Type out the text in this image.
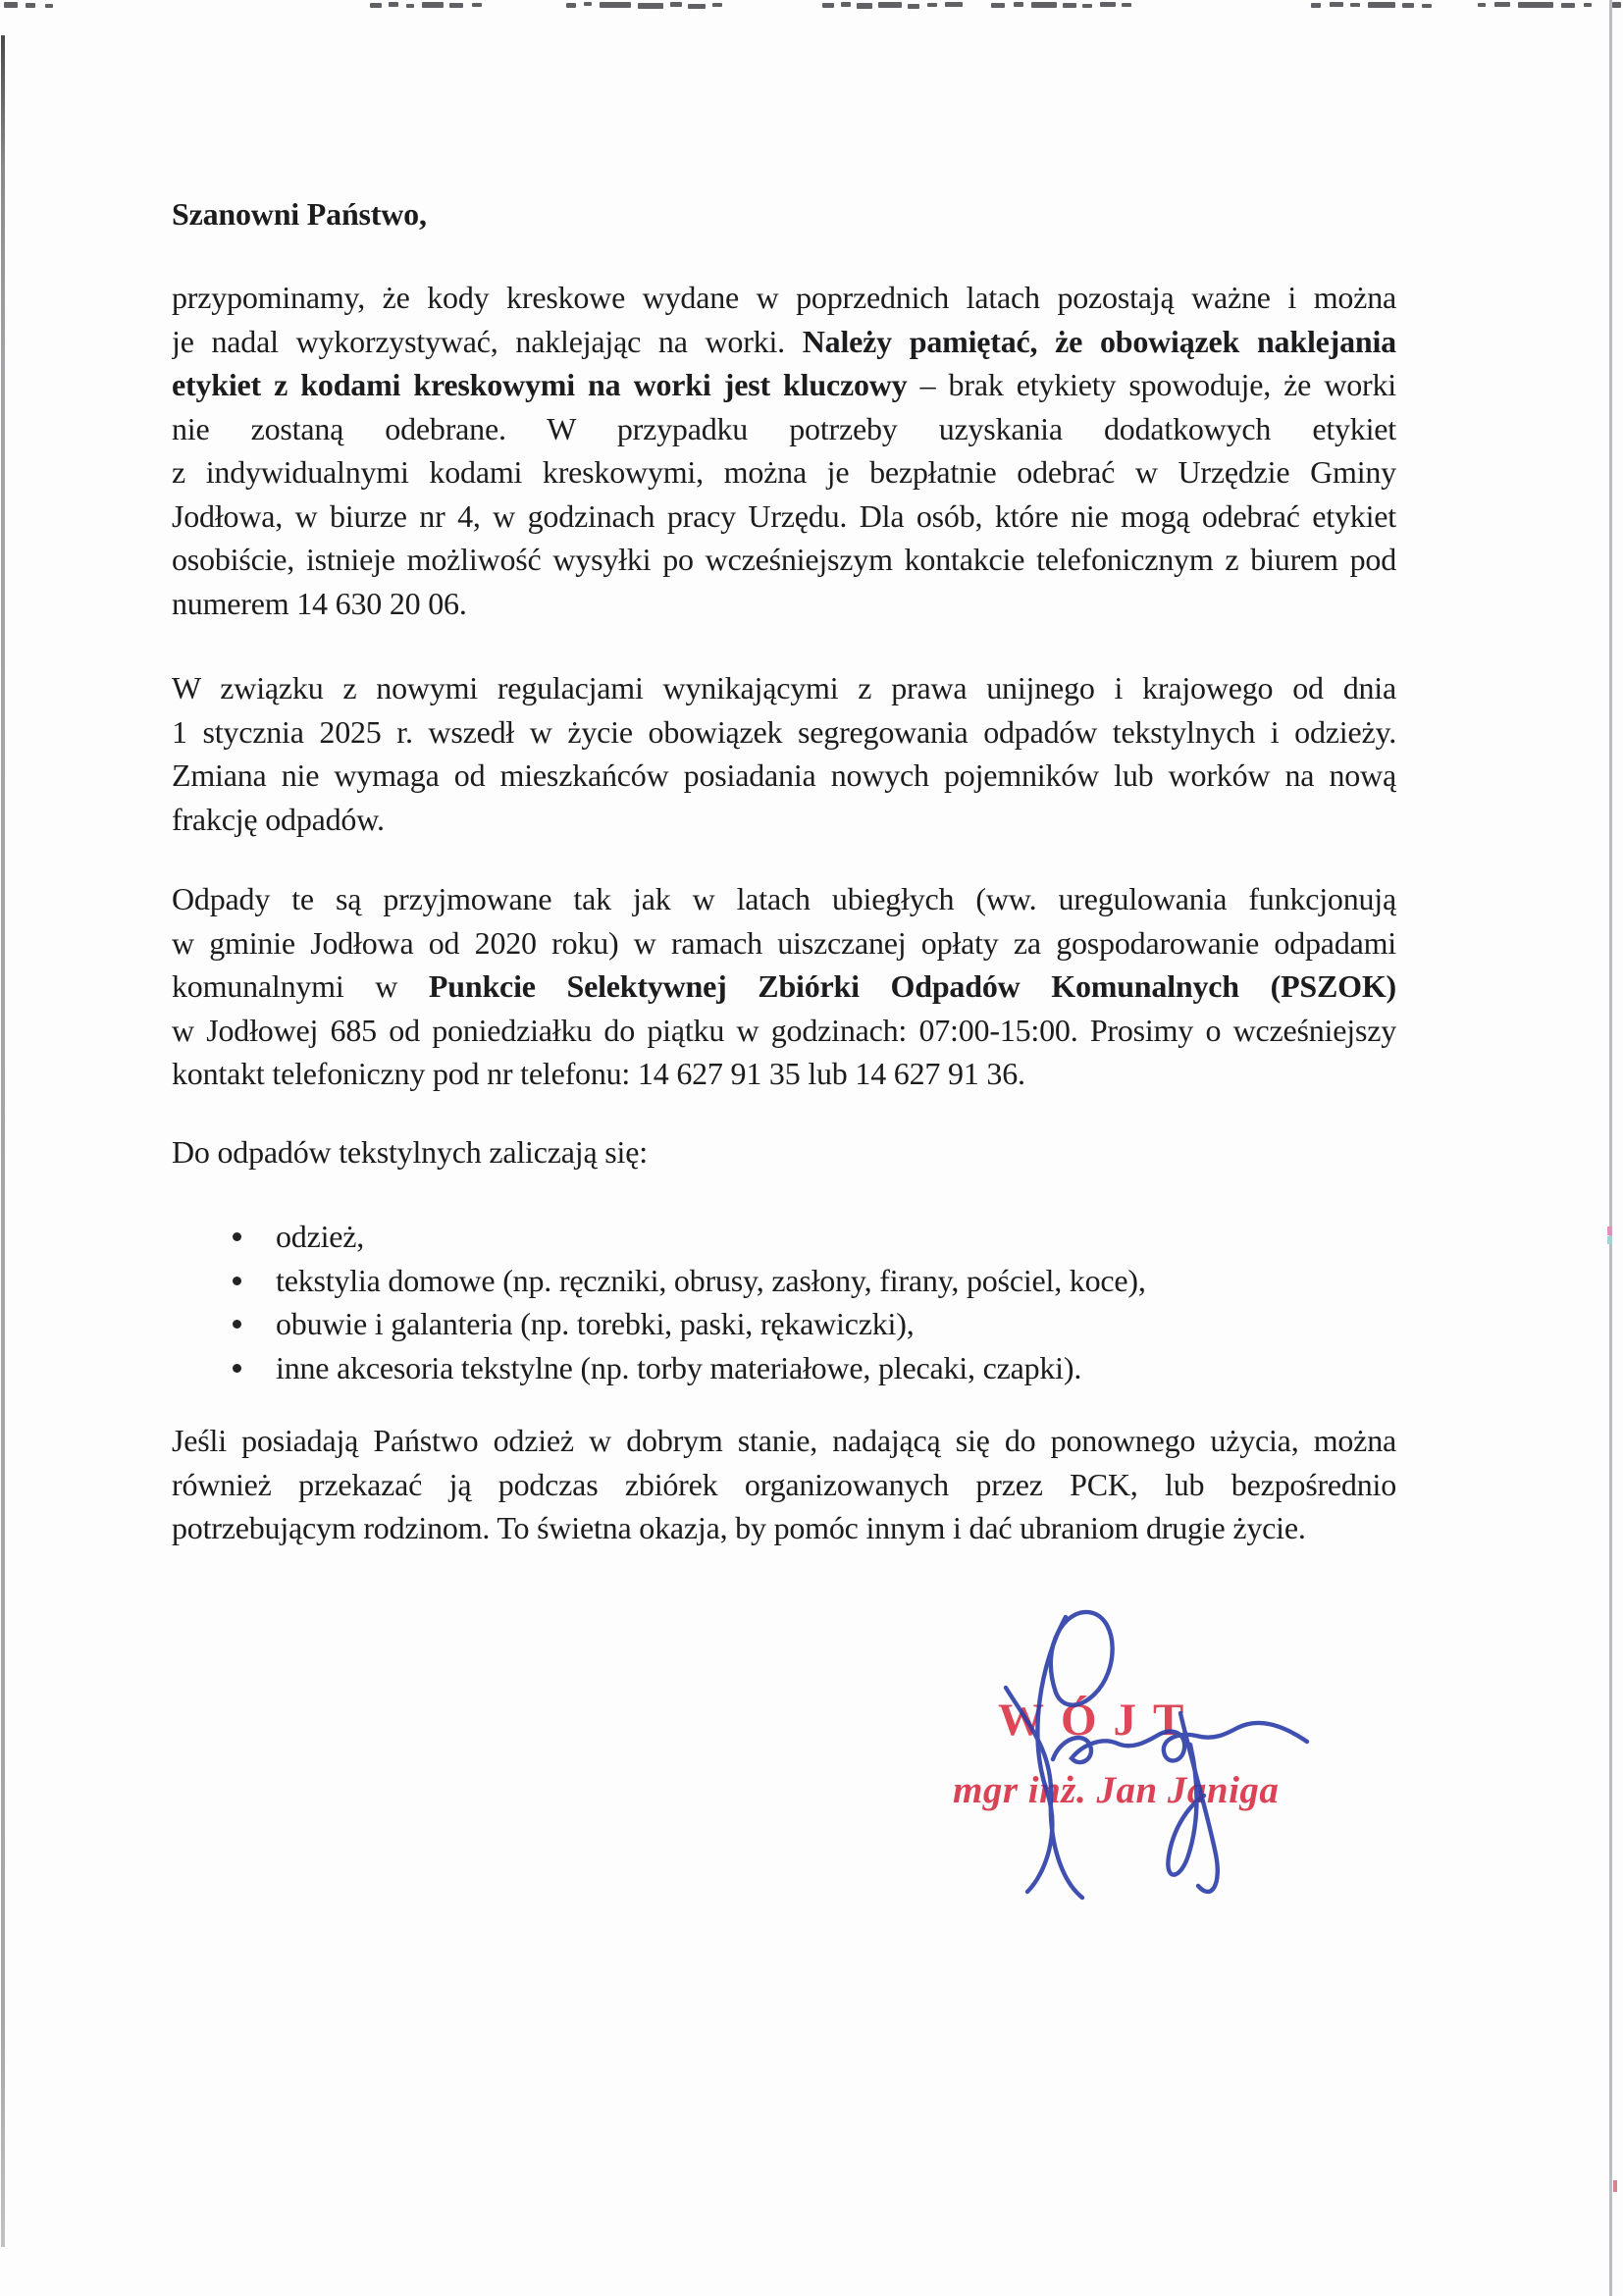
Szanowni Państwo,
przypominamy, że kody kreskowe wydane w poprzednich latach pozostają ważne i można
je nadal wykorzystywać, naklejając na worki. Należy pamiętać, że obowiązek naklejania
etykiet z kodami kreskowymi na worki jest kluczowy – brak etykiety spowoduje, że worki
nie zostaną odebrane. W przypadku potrzeby uzyskania dodatkowych etykiet
z indywidualnymi kodami kreskowymi, można je bezpłatnie odebrać w Urzędzie Gminy
Jodłowa, w biurze nr 4, w godzinach pracy Urzędu. Dla osób, które nie mogą odebrać etykiet
osobiście, istnieje możliwość wysyłki po wcześniejszym kontakcie telefonicznym z biurem pod
numerem 14 630 20 06.
W związku z nowymi regulacjami wynikającymi z prawa unijnego i krajowego od dnia
1 stycznia 2025 r. wszedł w życie obowiązek segregowania odpadów tekstylnych i odzieży.
Zmiana nie wymaga od mieszkańców posiadania nowych pojemników lub worków na nową
frakcję odpadów.
Odpady te są przyjmowane tak jak w latach ubiegłych (ww. uregulowania funkcjonują
w gminie Jodłowa od 2020 roku) w ramach uiszczanej opłaty za gospodarowanie odpadami
komunalnymi w Punkcie Selektywnej Zbiórki Odpadów Komunalnych (PSZOK)
w Jodłowej 685 od poniedziałku do piątku w godzinach: 07:00-15:00. Prosimy o wcześniejszy
kontakt telefoniczny pod nr telefonu: 14 627 91 35 lub 14 627 91 36.
Do odpadów tekstylnych zaliczają się:
odzież,
tekstylia domowe (np. ręczniki, obrusy, zasłony, firany, pościel, koce),
obuwie i galanteria (np. torebki, paski, rękawiczki),
inne akcesoria tekstylne (np. torby materiałowe, plecaki, czapki).
Jeśli posiadają Państwo odzież w dobrym stanie, nadającą się do ponownego użycia, można
również przekazać ją podczas zbiórek organizowanych przez PCK, lub bezpośrednio
potrzebującym rodzinom. To świetna okazja, by pomóc innym i dać ubraniom drugie życie.
WÓJT
mgr inż. Jan Janiga
